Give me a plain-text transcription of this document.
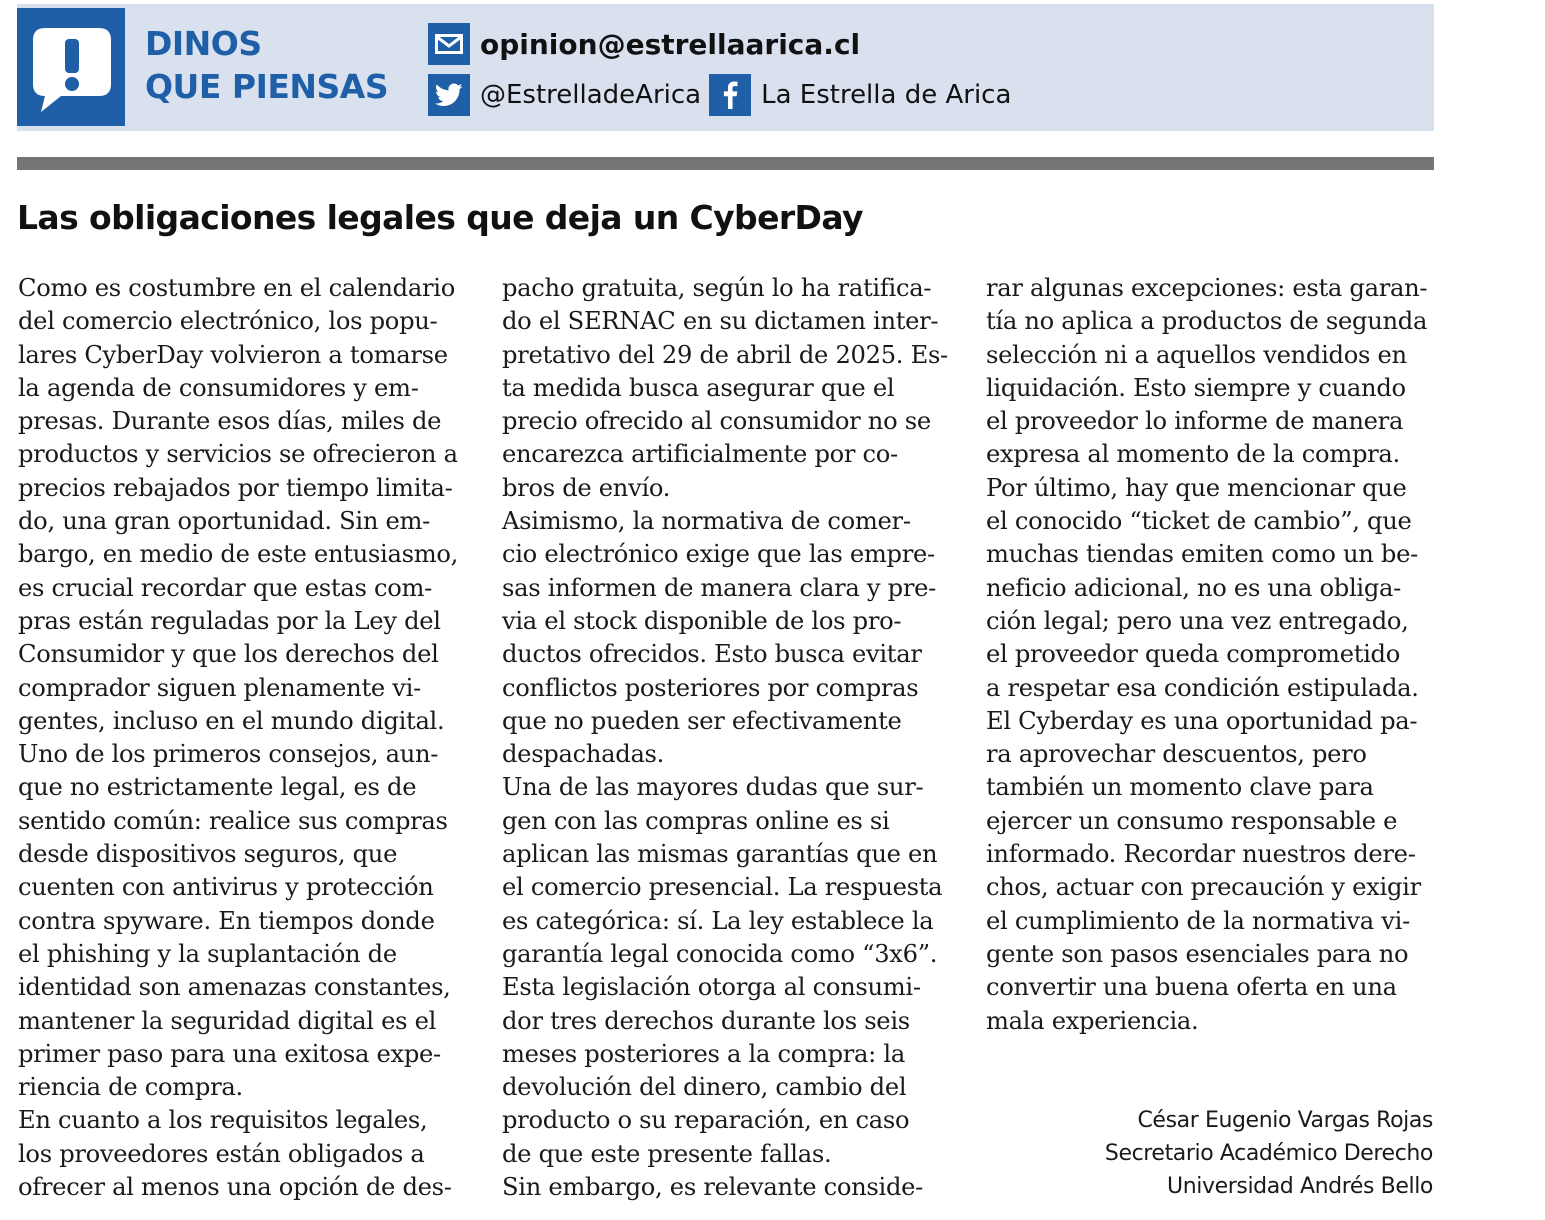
DINOS
QUE PIENSAS
opinion@estrellaarica.cl
@EstrelladeArica La Estrella de Arica
Las obligaciones legales que deja un CyberDay
Como es costumbre en el calendario
del comercio electrónico, los popu-
lares CyberDay volvieron a tomarse
la agenda de consumidores y em-
presas. Durante esos días, miles de
productos y servicios se ofrecieron a
precios rebajados por tiempo limita-
do, una gran oportunidad. Sin em-
bargo, en medio de este entusiasmo,
es crucial recordar que estas com-
pras están reguladas por la Ley del
Consumidor y que los derechos del
comprador siguen plenamente vi-
gentes, incluso en el mundo digital.
Uno de los primeros consejos, aun-
que no estrictamente legal, es de
sentido común: realice sus compras
desde dispositivos seguros, que
cuenten con antivirus y protección
contra spyware. En tiempos donde
el phishing y la suplantación de
identidad son amenazas constantes,
mantener la seguridad digital es el
primer paso para una exitosa expe-
riencia de compra.
En cuanto a los requisitos legales,
los proveedores están obligados a
ofrecer al menos una opción de des-
pacho gratuita, según lo ha ratifica-
do el SERNAC en su dictamen inter-
pretativo del 29 de abril de 2025. Es-
ta medida busca asegurar que el
precio ofrecido al consumidor no se
encarezca artificialmente por co-
bros de envío.
Asimismo, la normativa de comer-
cio electrónico exige que las empre-
sas informen de manera clara y pre-
via el stock disponible de los pro-
ductos ofrecidos. Esto busca evitar
conflictos posteriores por compras
que no pueden ser efectivamente
despachadas.
Una de las mayores dudas que sur-
gen con las compras online es si
aplican las mismas garantías que en
el comercio presencial. La respuesta
es categórica: sí. La ley establece la
garantía legal conocida como “3x6”.
Esta legislación otorga al consumi-
dor tres derechos durante los seis
meses posteriores a la compra: la
devolución del dinero, cambio del
producto o su reparación, en caso
de que este presente fallas.
Sin embargo, es relevante conside-
rar algunas excepciones: esta garan-
tía no aplica a productos de segunda
selección ni a aquellos vendidos en
liquidación. Esto siempre y cuando
el proveedor lo informe de manera
expresa al momento de la compra.
Por último, hay que mencionar que
el conocido “ticket de cambio”, que
muchas tiendas emiten como un be-
neficio adicional, no es una obliga-
ción legal; pero una vez entregado,
el proveedor queda comprometido
a respetar esa condición estipulada.
El Cyberday es una oportunidad pa-
ra aprovechar descuentos, pero
también un momento clave para
ejercer un consumo responsable e
informado. Recordar nuestros dere-
chos, actuar con precaución y exigir
el cumplimiento de la normativa vi-
gente son pasos esenciales para no
convertir una buena oferta en una
mala experiencia.
César Eugenio Vargas Rojas
Secretario Académico Derecho
Universidad Andrés Bello
